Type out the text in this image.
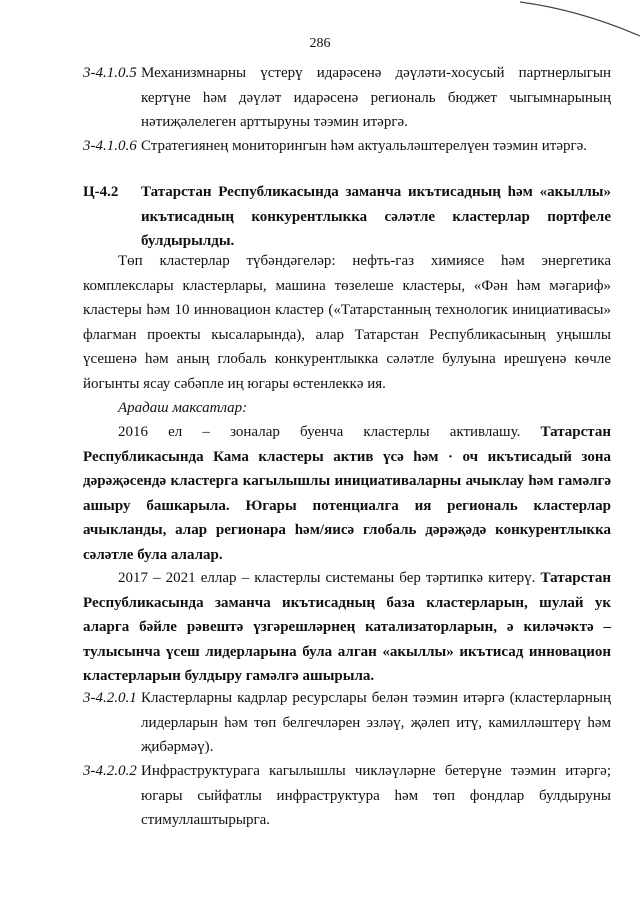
286
3-4.1.0.5 Механизмнарны үстерү идарәсенә дәүләти-хосусый партнерлыгын кертүне һәм дәүләт идарәсенә региональ бюджет чыгымнарының нәтиҗәлелеген арттыруны тәэмин итәргә.
3-4.1.0.6 Стратегиянең мониторингын һәм актуальләштерелүен тәэмин итәргә.
Ц-4.2 Татарстан Республикасында заманча икътисадның һәм «акыллы» икътисадның конкурентлыкка сәләтле кластерлар портфеле булдырылды.
Төп кластерлар түбәндәгеләр: нефть-газ химиясе һәм энергетика комплекслары кластерлары, машина төзелеше кластеры, «Фән һәм мәгариф» кластеры һәм 10 инновацион кластер («Татарстанның технологик инициативасы» флагман проекты кысаларында), алар Татарстан Республикасының уңышлы үсешенә һәм аның глобаль конкурентлыкка сәләтле булуына ирешүенә көчле йогынты ясау сәбәпле иң югары өстенлеккә ия.
Арадаш максатлар:
2016 ел – зоналар буенча кластерлы активлашу. Татарстан Республикасында Кама кластеры актив үсә һәм · оч икътисадый зона дәрәҗәсендә кластерга кагылышлы инициативаларны ачыклау һәм гамәлгә ашыру башкарыла. Югары потенциалга ия региональ кластерлар ачыкланды, алар регионара һәм/яисә глобаль дәрәҗәдә конкурентлыкка сәләтле була алалар.
2017 – 2021 еллар – кластерлы системаны бер тәртипкә китерү. Татарстан Республикасында заманча икътисадның база кластерларын, шулай ук аларга бәйле рәвештә үзгәрешләрнең катализаторларын, ә киләчәктә – тулысынча үсеш лидерларына була алган «акыллы» икътисад инновацион кластерларын булдыру гамәлгә ашырыла.
3-4.2.0.1 Кластерларны кадрлар ресурслары белән тәэмин итәргә (кластерларның лидерларын һәм төп белгечләрен эзләү, җәлеп итү, камилләштерү һәм җибәрмәү).
3-4.2.0.2 Инфраструктурага кагылышлы чикләүләрне бетерүне тәэмин итәргә; югары сыйфатлы инфраструктура һәм төп фондлар булдыруны стимуллаштырырга.
